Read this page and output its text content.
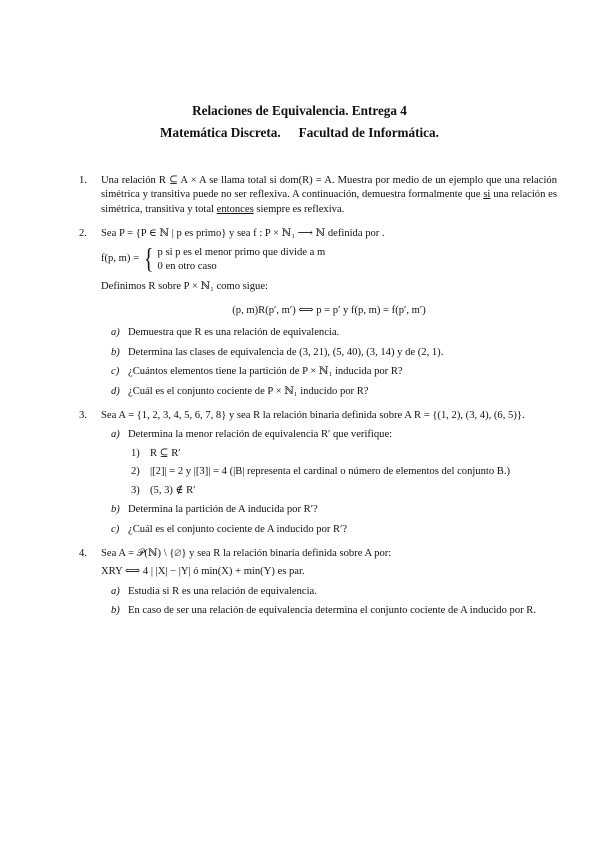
Relaciones de Equivalencia. Entrega 4
Matemática Discreta. Facultad de Informática.
1. Una relación R ⊆ A × A se llama total si dom(R) = A. Muestra por medio de un ejemplo que una relación simétrica y transitiva puede no ser reflexiva. A continuación, demuestra formalmente que si una relación es simétrica, transitiva y total entonces siempre es reflexiva.
2. Sea P = {P ∈ ℕ | p es primo} y sea f : P × ℕ₁ ⟶ ℕ definida por .
f(p, m) = { p si p es el menor primo que divide a m
0 en otro caso
Definimos R sobre P × ℕ₁ como sigue:
(p, m)R(p′, m′) ⟺ p = p′ y f(p, m) = f(p′, m′)
a) Demuestra que R es una relación de equivalencia.
b) Determina las clases de equivalencia de (3, 21), (5, 40), (3, 14) y de (2, 1).
c) ¿Cuántos elementos tiene la partición de P × ℕ₁ inducida por R?
d) ¿Cuál es el conjunto cociente de P × ℕ₁ inducido por R?
3. Sea A = {1, 2, 3, 4, 5, 6, 7, 8} y sea R la relación binaria definida sobre A R = {(1, 2), (3, 4), (6, 5)}.
a) Determina la menor relación de equivalencia R′ que verifique:
1) R ⊆ R′
2) |[2]| = 2 y |[3]| = 4 (|B| representa el cardinal o número de elementos del conjunto B.)
3) (5, 3) ∉ R′
b) Determina la partición de A inducida por R′?
c) ¿Cuál es el conjunto cociente de A inducido por R′?
4. Sea A = 𝒫(ℕ) \ {∅} y sea R la relación binaria definida sobre A por:
XRY ⟺ 4 | |X| − |Y| ó min(X) + min(Y) es par.
a) Estudia si R es una relación de equivalencia.
b) En caso de ser una relación de equivalencia determina el conjunto cociente de A inducido por R.
